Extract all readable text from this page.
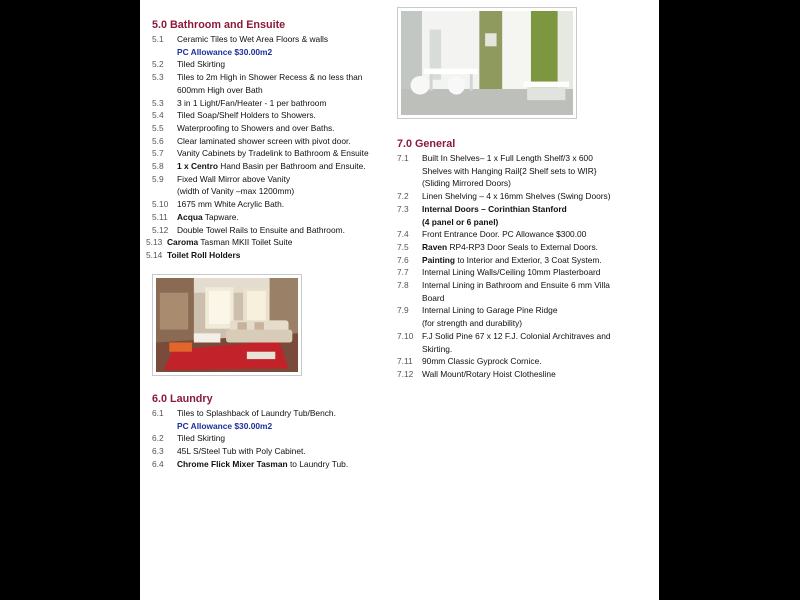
5.0 Bathroom and Ensuite
5.1	Ceramic Tiles to Wet Area Floors & walls
PC Allowance $30.00m2
5.2	Tiled Skirting
5.3	Tiles to 2m High in Shower Recess & no less than
600mm High over Bath
5.3	3 in 1 Light/Fan/Heater - 1 per bathroom
5.4	Tiled Soap/Shelf Holders to Showers.
5.5	Waterproofing to Showers and over Baths.
5.6	Clear laminated shower screen with pivot door.
5.7	Vanity Cabinets by Tradelink to Bathroom & Ensuite
5.8	1 x Centro Hand Basin per Bathroom and Ensuite.
5.9	Fixed Wall Mirror above Vanity
(width of Vanity –max 1200mm)
5.10	1675 mm White Acrylic Bath.
5.11	Acqua Tapware.
5.12	Double Towel Rails to Ensuite and Bathroom.
5.13 Caroma Tasman MKII Toilet Suite
5.14 Toilet Roll Holders
6.0 Laundry
6.1	Tiles to Splashback of Laundry Tub/Bench.
PC Allowance $30.00m2
6.2	Tiled Skirting
6.3	45L S/Steel Tub with Poly Cabinet.
6.4	Chrome Flick Mixer Tasman to Laundry Tub.
7.0 General
7.1	Built In Shelves– 1 x Full Length Shelf/3 x 600
Shelves with Hanging Rail{2 Shelf sets to WIR}
(Sliding Mirrored Doors)
7.2	Linen Shelving – 4 x 16mm Shelves (Swing Doors)
7.3	Internal Doors – Corinthian Stanford
(4 panel or 6 panel)
7.4	Front Entrance Door. PC Allowance $300.00
7.5	Raven RP4-RP3 Door Seals to External Doors.
7.6	Painting to Interior and Exterior, 3 Coat System.
7.7	Internal Lining Walls/Ceiling 10mm Plasterboard
7.8	Internal Lining in Bathroom and Ensuite 6 mm Villa
Board
7.9	Internal Lining to Garage Pine Ridge
(for strength and durability)
7.10	F.J Solid Pine 67 x 12 F.J. Colonial Architraves and
Skirting.
7.11	90mm Classic Gyprock Cornice.
7.12	Wall Mount/Rotary Hoist Clothesline
